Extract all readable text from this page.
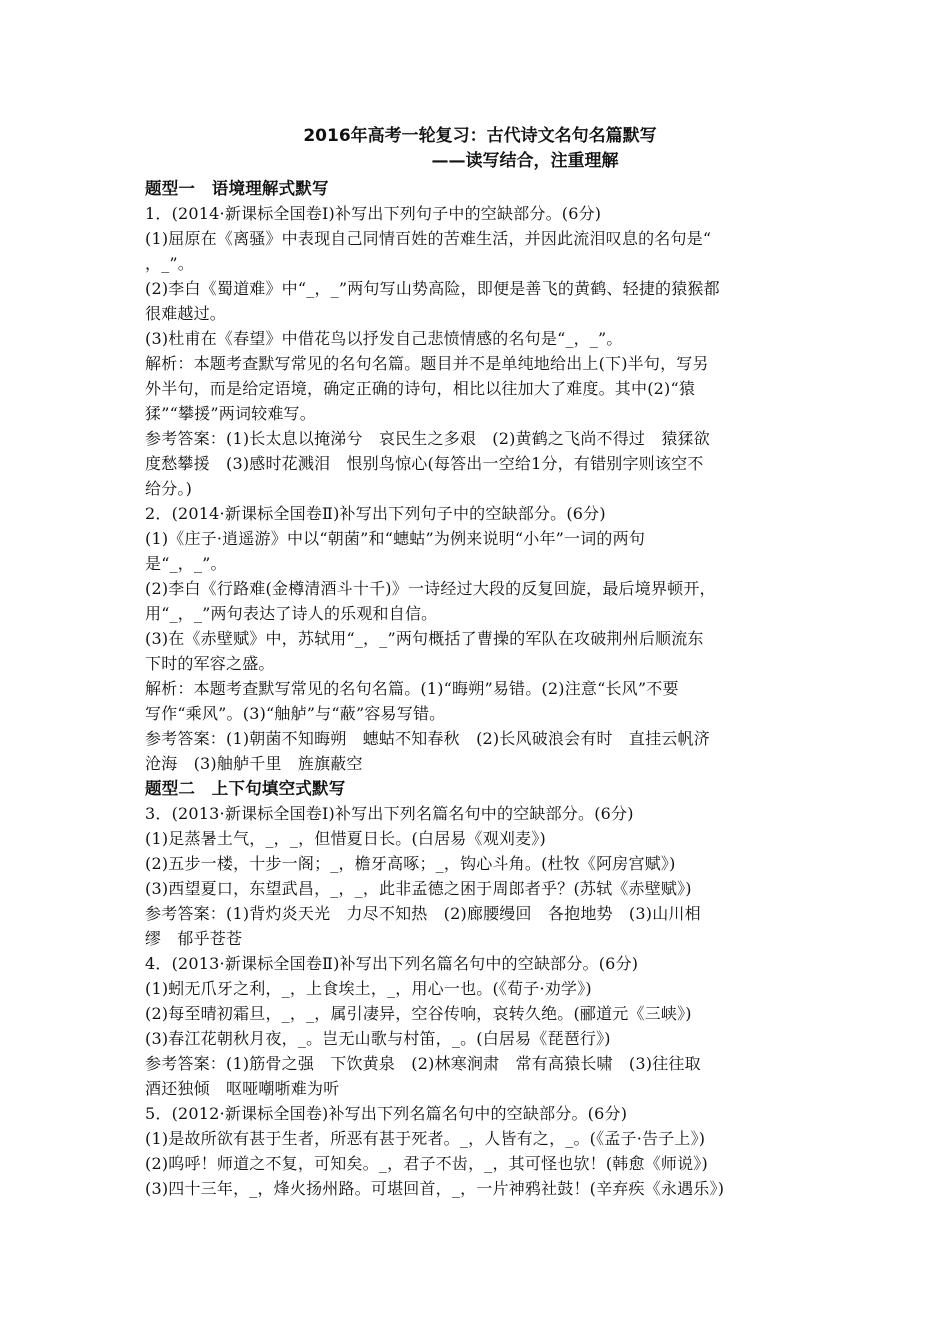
2016年高考一轮复习：古代诗文名句名篇默写
——读写结合，注重理解
题型一　语境理解式默写
1．(2014·新课标全国卷Ⅰ)补写出下列句子中的空缺部分。(6分)
(1)屈原在《离骚》中表现自己同情百姓的苦难生活，并因此流泪叹息的名句是“
，_”。
(2)李白《蜀道难》中“_，_”两句写山势高险，即便是善飞的黄鹤、轻捷的猿猴都
很难越过。
(3)杜甫在《春望》中借花鸟以抒发自己悲愤情感的名句是“_，_”。
解析：本题考查默写常见的名句名篇。题目并不是单纯地给出上(下)半句，写另
外半句，而是给定语境，确定正确的诗句，相比以往加大了难度。其中(2)“猿
猱”“攀援”两词较难写。
参考答案：(1)长太息以掩涕兮　哀民生之多艰　(2)黄鹤之飞尚不得过　猿猱欲
度愁攀援　(3)感时花溅泪　恨别鸟惊心(每答出一空给1分，有错别字则该空不
给分。)
2．(2014·新课标全国卷Ⅱ)补写出下列句子中的空缺部分。(6分)
(1)《庄子·逍遥游》中以“朝菌”和“蟪蛄”为例来说明“小年”一词的两句
是“_，_”。
(2)李白《行路难(金樽清酒斗十千)》一诗经过大段的反复回旋，最后境界顿开，
用“_，_”两句表达了诗人的乐观和自信。
(3)在《赤壁赋》中，苏轼用“_，_”两句概括了曹操的军队在攻破荆州后顺流东
下时的军容之盛。
解析：本题考查默写常见的名句名篇。(1)“晦朔”易错。(2)注意“长风”不要
写作“乘风”。(3)“舳舻”与“蔽”容易写错。
参考答案：(1)朝菌不知晦朔　蟪蛄不知春秋　(2)长风破浪会有时　直挂云帆济
沧海　(3)舳舻千里　旌旗蔽空
题型二　上下句填空式默写
3．(2013·新课标全国卷Ⅰ)补写出下列名篇名句中的空缺部分。(6分)
(1)足蒸暑土气，_，_，但惜夏日长。(白居易《观刈麦》)
(2)五步一楼，十步一阁；_，檐牙高啄；_，钩心斗角。(杜牧《阿房宫赋》)
(3)西望夏口，东望武昌，_，_，此非孟德之困于周郎者乎？(苏轼《赤壁赋》)
参考答案：(1)背灼炎天光　力尽不知热　(2)廊腰缦回　各抱地势　(3)山川相
缪　郁乎苍苍
4．(2013·新课标全国卷Ⅱ)补写出下列名篇名句中的空缺部分。(6分)
(1)蚓无爪牙之利，_，上食埃土，_，用心一也。(《荀子·劝学》)
(2)每至晴初霜旦，_，_，属引凄异，空谷传响，哀转久绝。(郦道元《三峡》)
(3)春江花朝秋月夜，_。岂无山歌与村笛，_。(白居易《琵琶行》)
参考答案：(1)筋骨之强　下饮黄泉　(2)林寒涧肃　常有高猿长啸　(3)往往取
酒还独倾　呕哑嘲哳难为听
5．(2012·新课标全国卷)补写出下列名篇名句中的空缺部分。(6分)
(1)是故所欲有甚于生者，所恶有甚于死者。_，人皆有之，_。(《孟子·告子上》)
(2)呜呼！师道之不复，可知矣。_，君子不齿，_，其可怪也欤！(韩愈《师说》)
(3)四十三年，_，烽火扬州路。可堪回首，_，一片神鸦社鼓！(辛弃疾《永遇乐》)
